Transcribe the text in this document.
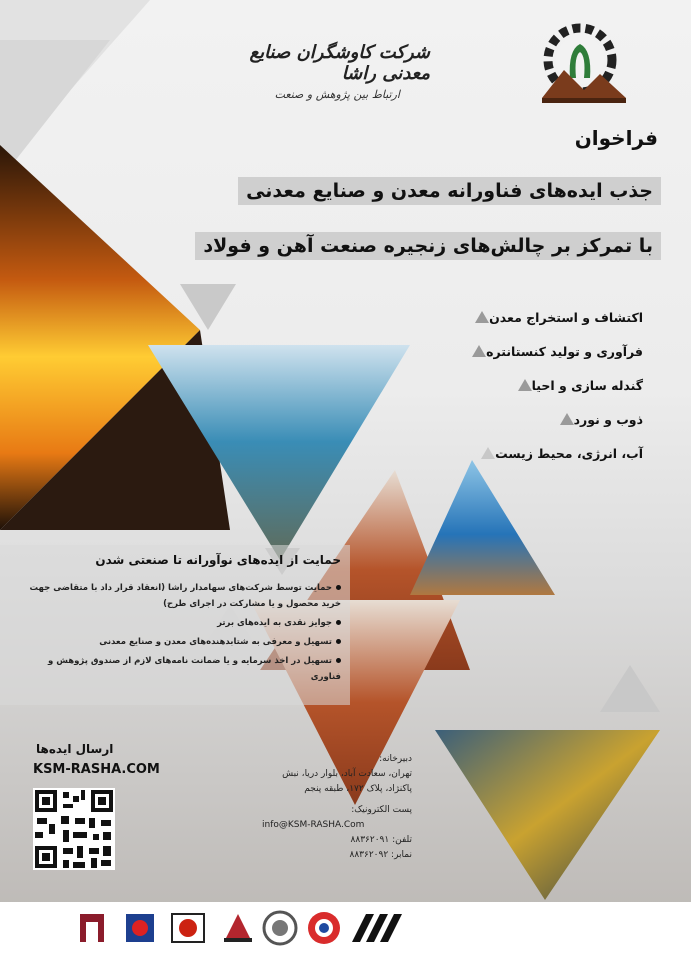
شرکت کاوشگران صنایع معدنی راشا
ارتباط بین پژوهش و صنعت
فراخوان
جذب ایده‌های فناورانه معدن و صنایع معدنی
با تمرکز بر چالش‌های زنجیره صنعت آهن و فولاد
اکتشاف و استخراج معدن
فرآوری و تولید کنستانتره
گندله سازی و احیا
ذوب و نورد
آب، انرژی، محیط زیست
حمایت از ایده‌های نوآورانه تا صنعتی شدن
حمایت توسط شرکت‌های سهامدار راشا (انعقاد قرار داد با متقاضی جهت خرید محصول و یا مشارکت در اجرای طرح)
جوایز نقدی به ایده‌های برتر
تسهیل و معرفی به شتابدهنده‌های معدن و صنایع معدنی
تسهیل در اخذ سرمایه و یا ضمانت نامه‌های لازم از صندوق پژوهش و فناوری
ارسال ایده‌ها
KSM-RASHA.COM
دبیرخانه:
تهران، سعادت آباد، بلوار دریا، نبش پاکنژاد، پلاک ۱۷۲، طبقه پنجم
پست الکترونیک:
info@KSM-RASHA.Com
تلفن: ۸۸۳۶۲۰۹۱
نمابر: ۸۸۳۶۲۰۹۲
